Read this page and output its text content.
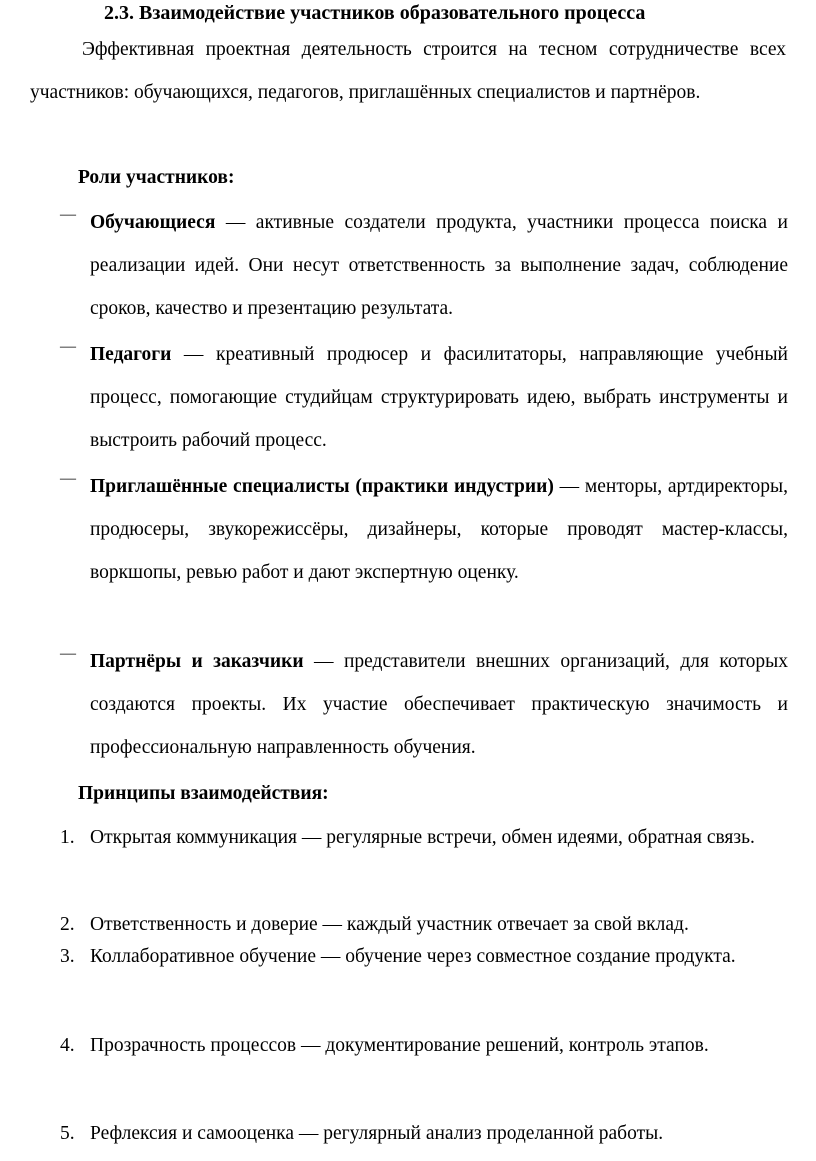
2.3. Взаимодействие участников образовательного процесса

Эффективная проектная деятельность строится на тесном сотрудничестве всех участников: обучающихся, педагогов, приглашённых специалистов и партнёров.

Роли участников:
— Обучающиеся — активные создатели продукта, участники процесса поиска и реализации идей. Они несут ответственность за выполнение задач, соблюдение сроков, качество и презентацию результата.
— Педагоги — креативный продюсер и фасилитаторы, направляющие учебный процесс, помогающие студийцам структурировать идею, выбрать инструменты и выстроить рабочий процесс.
— Приглашённые специалисты (практики индустрии) — менторы, артдиректоры, продюсеры, звукорежиссёры, дизайнеры, которые проводят мастер-классы, воркшопы, ревью работ и дают экспертную оценку.
— Партнёры и заказчики — представители внешних организаций, для которых создаются проекты. Их участие обеспечивает практическую значимость и профессиональную направленность обучения.
Принципы взаимодействия:
1. Открытая коммуникация — регулярные встречи, обмен идеями, обратная связь.
2. Ответственность и доверие — каждый участник отвечает за свой вклад.
3. Коллаборативное обучение — обучение через совместное создание продукта.
4. Прозрачность процессов — документирование решений, контроль этапов.
5. Рефлексия и самооценка — регулярный анализ проделанной работы.
